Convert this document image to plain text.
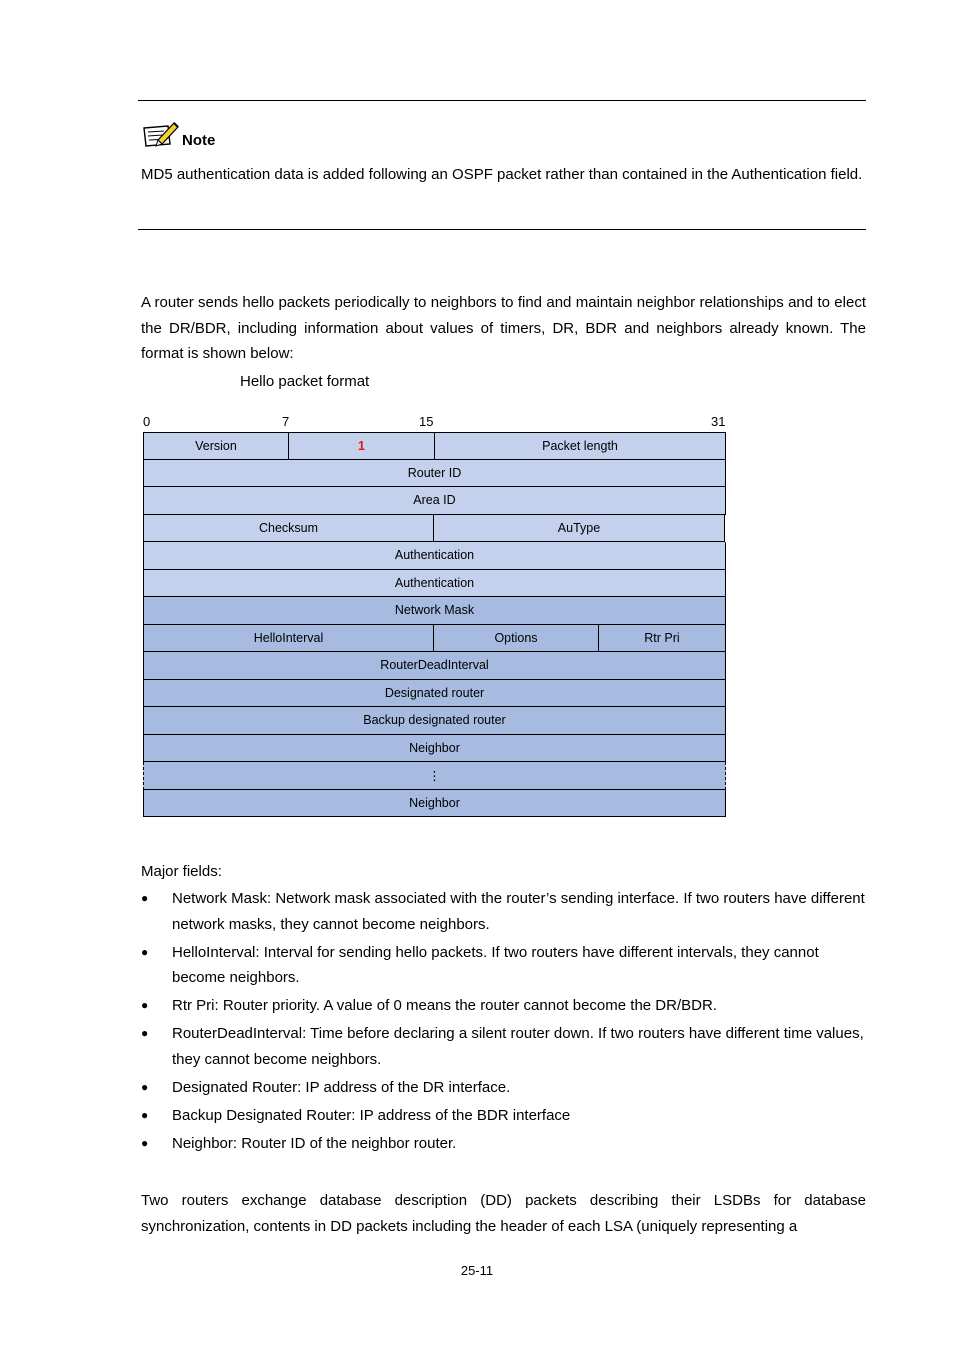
Note
MD5 authentication data is added following an OSPF packet rather than contained in the Authentication field.
A router sends hello packets periodically to neighbors to find and maintain neighbor relationships and to elect the DR/BDR, including information about values of timers, DR, BDR and neighbors already known. The format is shown below:
Hello packet format
0	7	15	31
Version	1	Packet length
Router ID
Area ID
Checksum	AuType
Authentication
Authentication
Network Mask
HelloInterval	Options	Rtr Pri
RouterDeadInterval
Designated router
Backup designated router
Neighbor
⋮
Neighbor
Major fields:
● Network Mask: Network mask associated with the router’s sending interface. If two routers have different network masks, they cannot become neighbors.
● HelloInterval: Interval for sending hello packets. If two routers have different intervals, they cannot become neighbors.
● Rtr Pri: Router priority. A value of 0 means the router cannot become the DR/BDR.
● RouterDeadInterval: Time before declaring a silent router down. If two routers have different time values, they cannot become neighbors.
● Designated Router: IP address of the DR interface.
● Backup Designated Router: IP address of the BDR interface
● Neighbor: Router ID of the neighbor router.
Two routers exchange database description (DD) packets describing their LSDBs for database synchronization, contents in DD packets including the header of each LSA (uniquely representing a
25-11
